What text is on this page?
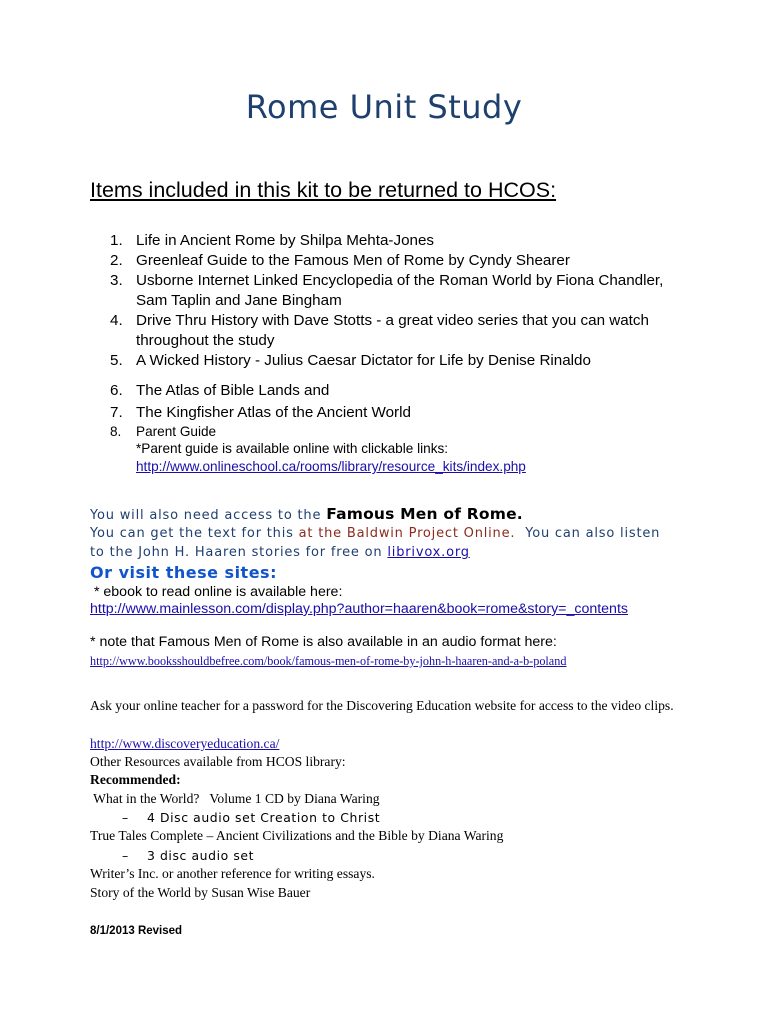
Rome Unit Study
Items included in this kit to be returned to HCOS:
1. Life in Ancient Rome by Shilpa Mehta-Jones
2. Greenleaf Guide to the Famous Men of Rome by Cyndy Shearer
3. Usborne Internet Linked Encyclopedia of the Roman World by Fiona Chandler, Sam Taplin and Jane Bingham
4. Drive Thru History with Dave Stotts - a great video series that you can watch throughout the study
5. A Wicked History - Julius Caesar Dictator for Life by Denise Rinaldo
6. The Atlas of Bible Lands and
7. The Kingfisher Atlas of the Ancient World
8. Parent Guide
*Parent guide is available online with clickable links: http://www.onlineschool.ca/rooms/library/resource_kits/index.php
You will also need access to the Famous Men of Rome.
You can get the text for this at the Baldwin Project Online.  You can also listen
to the John H. Haaren stories for free on librivox.org
Or visit these sites:
* ebook to read online is available here:
http://www.mainlesson.com/display.php?author=haaren&book=rome&story=_contents
* note that Famous Men of Rome is also available in an audio format here:
http://www.booksshouldbefree.com/book/famous-men-of-rome-by-john-h-haaren-and-a-b-poland
Ask your online teacher for a password for the Discovering Education website for access to the video clips.
http://www.discoveryeducation.ca/
Other Resources available from HCOS library:
Recommended:
What in the World?   Volume 1 CD by Diana Waring
–    4 Disc audio set Creation to Christ
True Tales Complete – Ancient Civilizations and the Bible by Diana Waring
–    3 disc audio set
Writer’s Inc. or another reference for writing essays.
Story of the World by Susan Wise Bauer
8/1/2013 Revised
